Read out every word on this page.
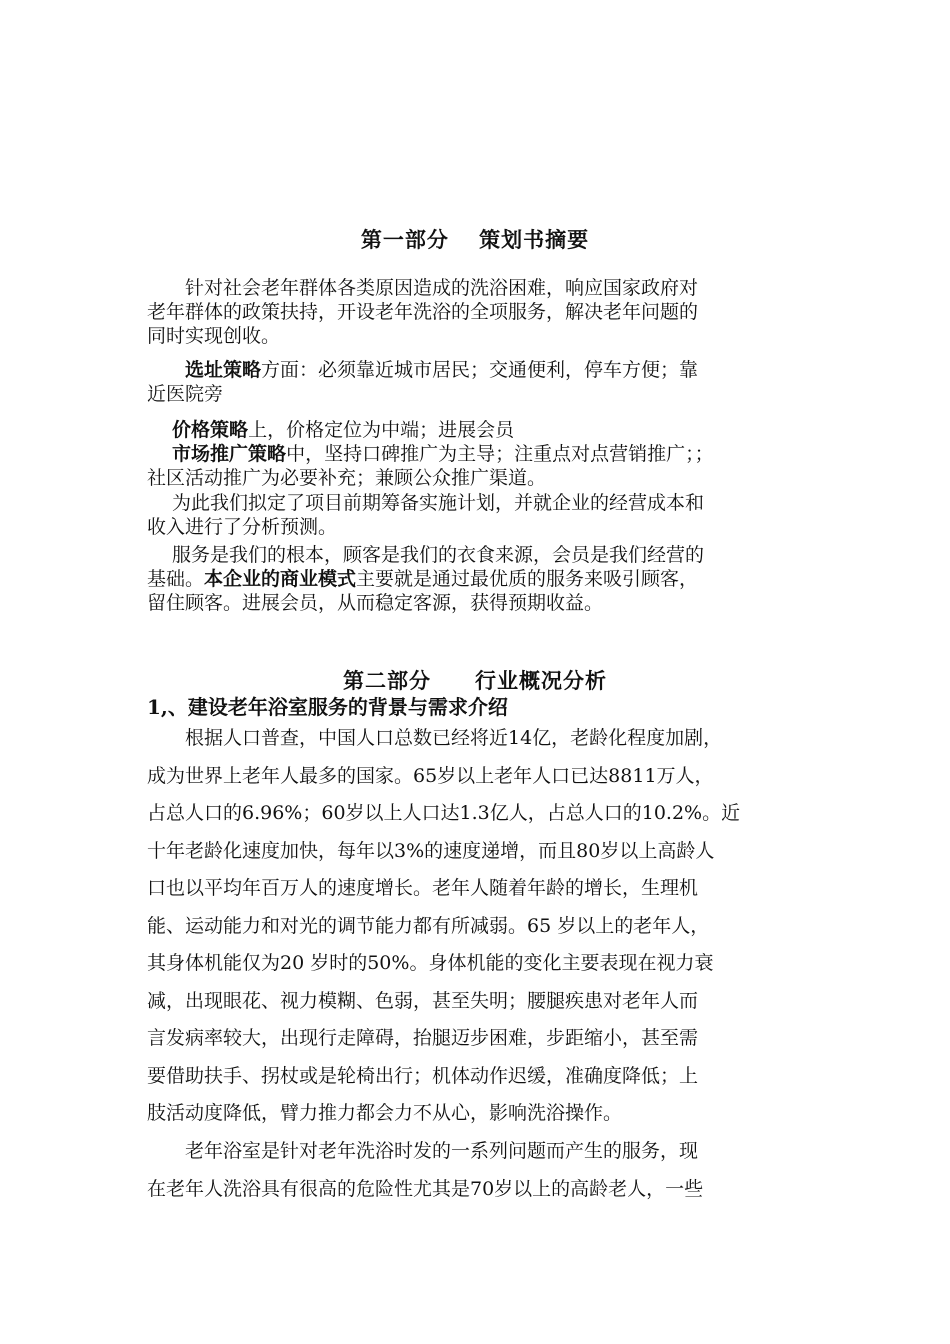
第一部分　 策划书摘要
　　针对社会老年群体各类原因造成的洗浴困难，响应国家政府对
老年群体的政策扶持，开设老年洗浴的全项服务，解决老年问题的
同时实现创收。
　　选址策略方面：必须靠近城市居民；交通便利，停车方便；靠
近医院旁
　 价格策略上，价格定位为中端；进展会员
　 市场推广策略中，坚持口碑推广为主导；注重点对点营销推广；；
社区活动推广为必要补充；兼顾公众推广渠道。
　 为此我们拟定了项目前期筹备实施计划，并就企业的经营成本和
收入进行了分析预测。
　 服务是我们的根本，顾客是我们的衣食来源，会员是我们经营的
基础。本企业的商业模式主要就是通过最优质的服务来吸引顾客，
留住顾客。进展会员，从而稳定客源，获得预期收益。
第二部分　　行业概况分析
1,、建设老年浴室服务的背景与需求介绍
　　根据人口普查，中国人口总数已经将近14亿，老龄化程度加剧，
成为世界上老年人最多的国家。65岁以上老年人口已达8811万人，
占总人口的6.96%；60岁以上人口达1.3亿人，占总人口的10.2%。近
十年老龄化速度加快，每年以3%的速度递增，而且80岁以上高龄人
口也以平均年百万人的速度增长。老年人随着年龄的增长，生理机
能、运动能力和对光的调节能力都有所减弱。65 岁以上的老年人，
其身体机能仅为20 岁时的50%。身体机能的变化主要表现在视力衰
减，出现眼花、视力模糊、色弱，甚至失明；腰腿疾患对老年人而
言发病率较大，出现行走障碍，抬腿迈步困难，步距缩小，甚至需
要借助扶手、拐杖或是轮椅出行；机体动作迟缓，准确度降低；上
肢活动度降低，臂力推力都会力不从心，影响洗浴操作。
　　老年浴室是针对老年洗浴时发的一系列问题而产生的服务，现
在老年人洗浴具有很高的危险性尤其是70岁以上的高龄老人，一些
